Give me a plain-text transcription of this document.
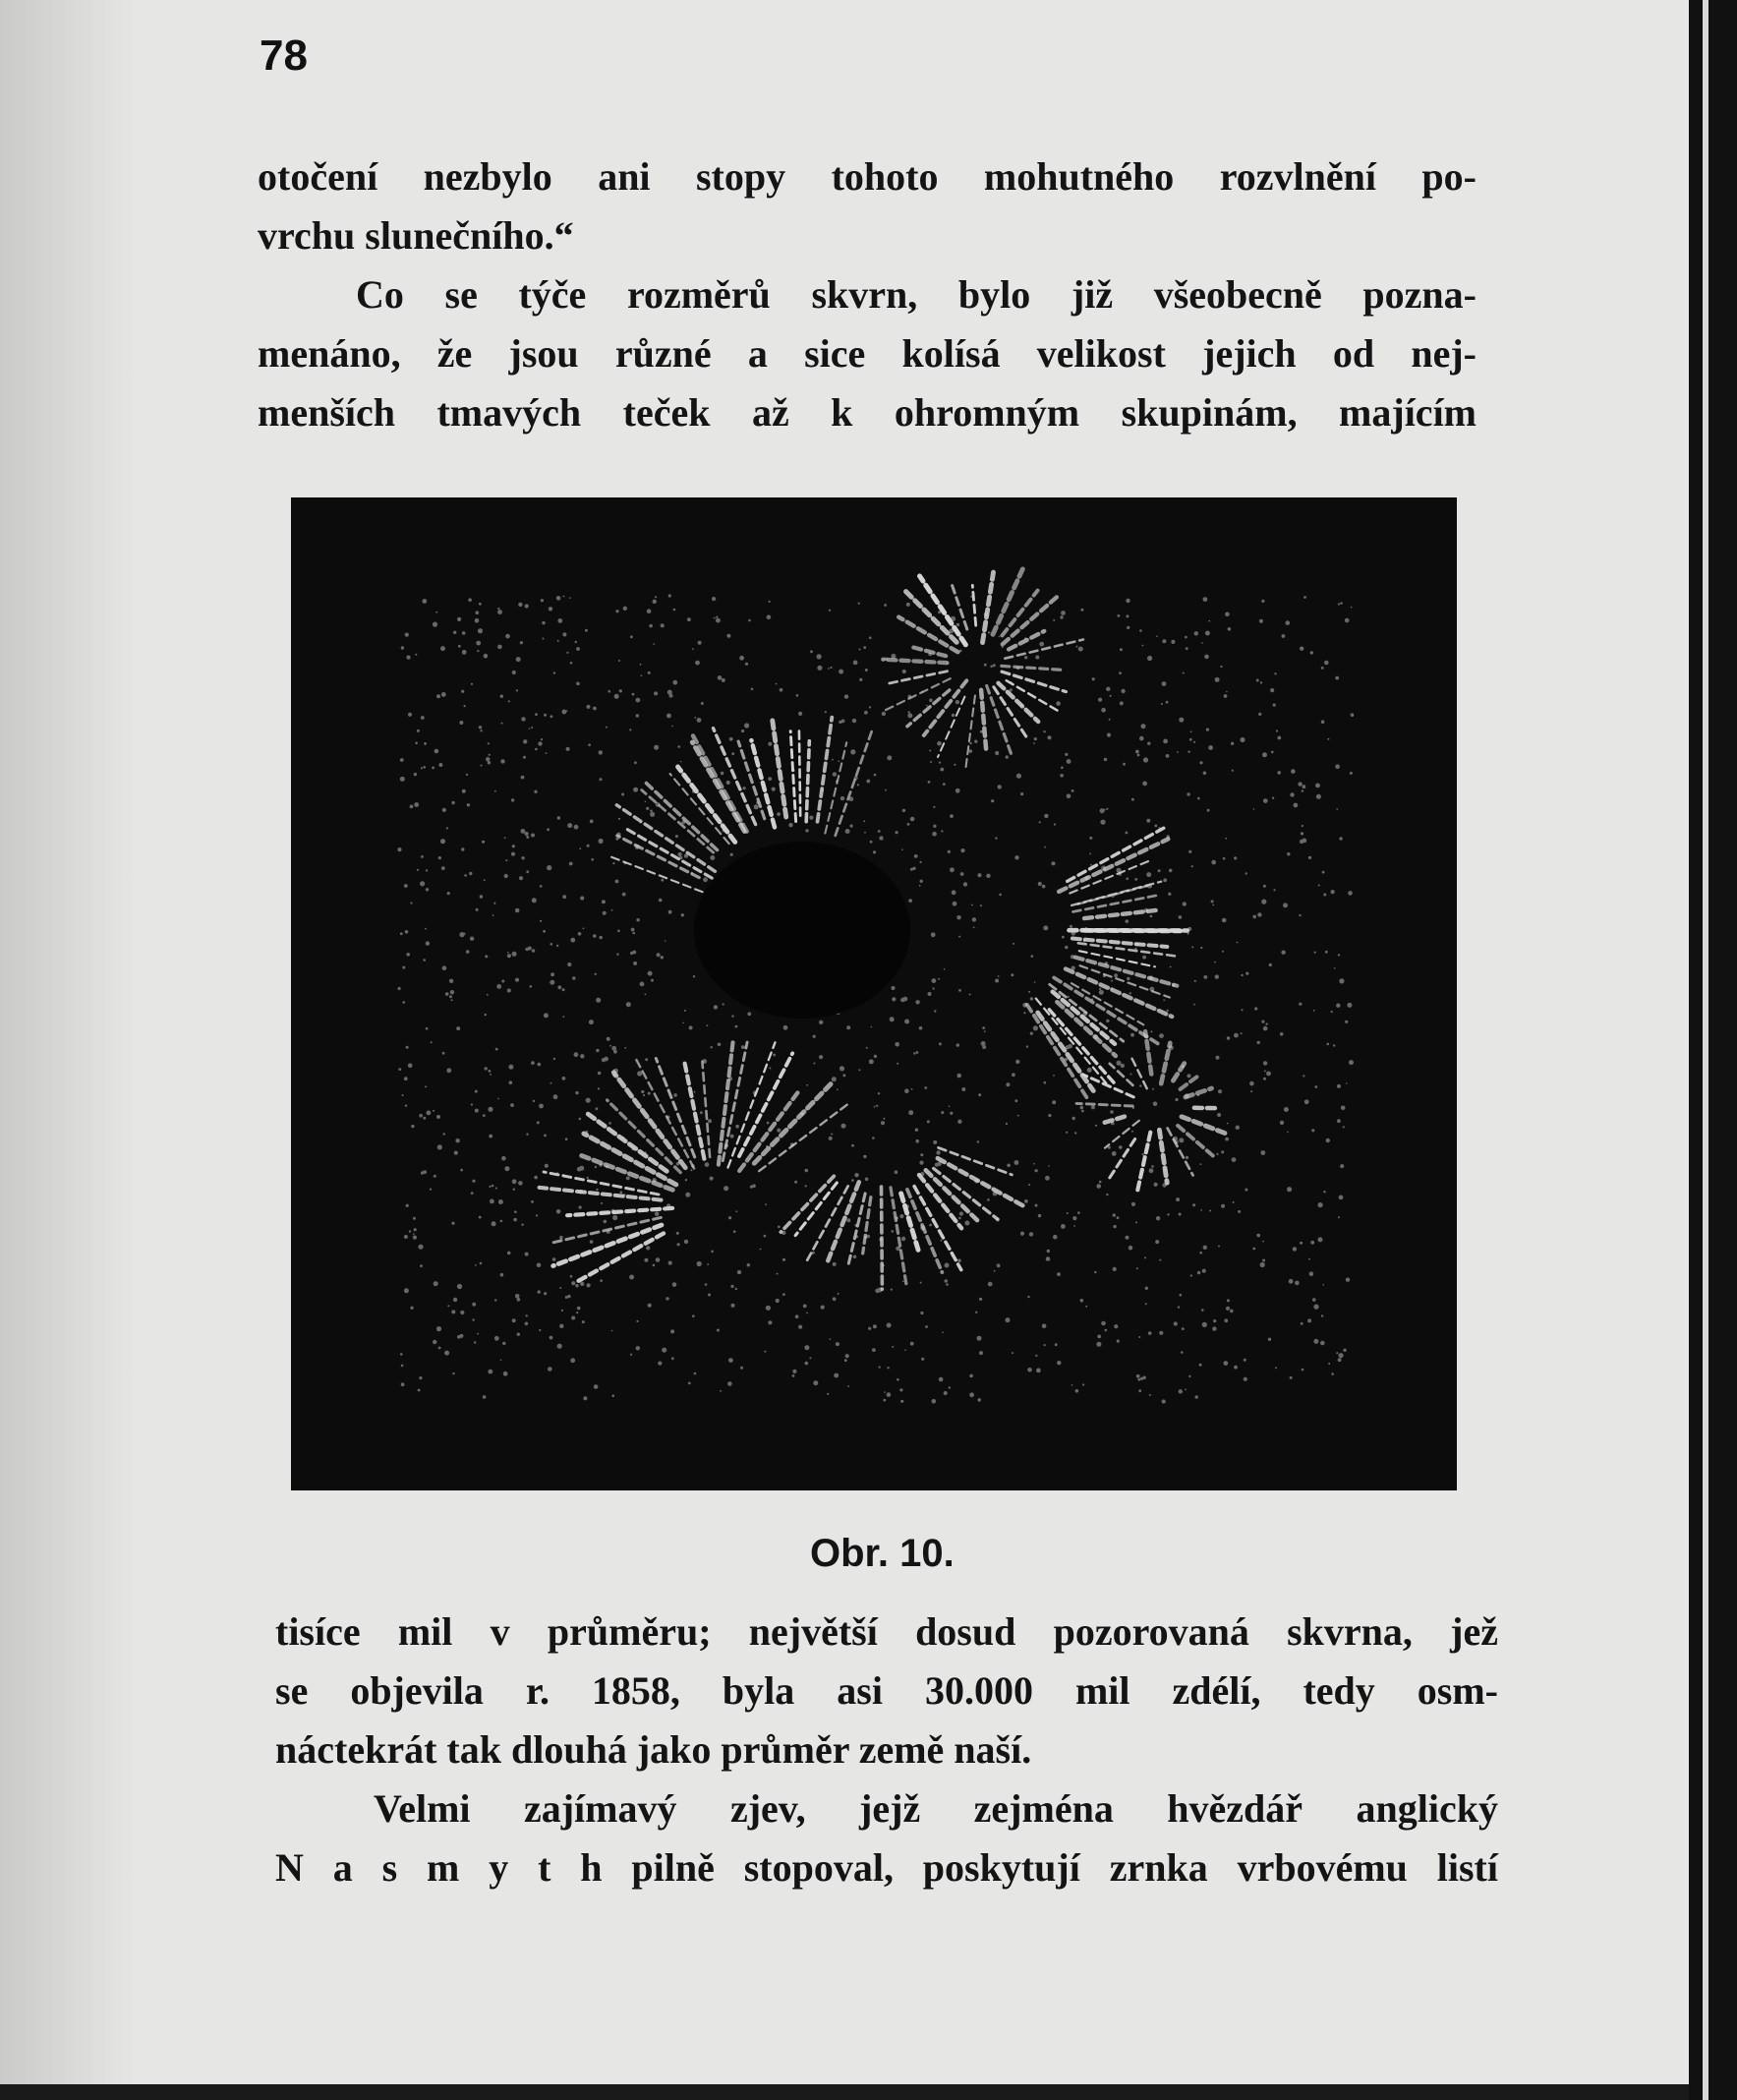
78
otočení nezbylo ani stopy tohoto mohutného rozvlnění po-
vrchu slunečního.“
Co se týče rozměrů skvrn, bylo již všeobecně pozna-
menáno, že jsou různé a sice kolísá velikost jejich od nej-
menších tmavých teček až k ohromným skupinám, majícím
Obr. 10.
tisíce mil v průměru; největší dosud pozorovaná skvrna, jež
se objevila r. 1858, byla asi 30.000 mil zdélí, tedy osm-
náctekrát tak dlouhá jako průměr země naší.
Velmi zajímavý zjev, jejž zejména hvězdář anglický
N a s m y t h pilně stopoval, poskytují zrnka vrbovému listí
